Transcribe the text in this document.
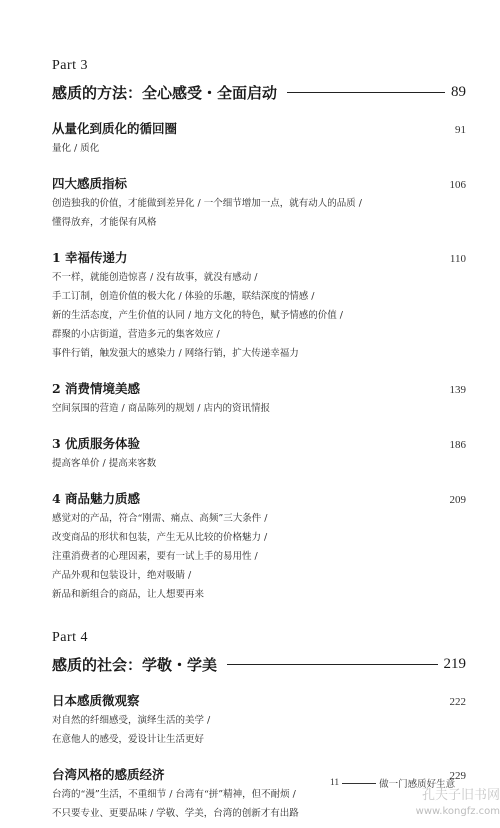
Part 3
感质的方法：全心感受・全面启动	89
从量化到质化的循回圈	91
量化 / 质化
四大感质指标	106
创造独我的价值，才能做到差异化 / 一个细节增加一点，就有动人的品质 /
懂得放弃，才能保有风格
1 幸福传递力	110
不一样，就能创造惊喜 / 没有故事，就没有感动 /
手工订制，创造价值的极大化 / 体验的乐趣，联结深度的情感 /
新的生活态度，产生价值的认同 / 地方文化的特色，赋予情感的价值 /
群聚的小店街道，营造多元的集客效应 /
事件行销，触发强大的感染力 / 网络行销，扩大传递幸福力
2 消费情境美感	139
空间氛围的营造 / 商品陈列的规划 / 店内的资讯情报
3 优质服务体验	186
提高客单价 / 提高来客数
4 商品魅力质感	209
感觉对的产品，符合“刚需、痛点、高频”三大条件 /
改变商品的形状和包装，产生无从比较的价格魅力 /
注重消费者的心理因素，要有一试上手的易用性 /
产品外观和包装设计，绝对吸睛 /
新品和新组合的商品，让人想要再来
Part 4
感质的社会：学敬・学美	219
日本感质微观察	222
对自然的纤细感受，演绎生活的美学 /
在意他人的感受，爱设计让生活更好
台湾风格的感质经济	229
台湾的“漫”生活，不重细节 / 台湾有“拼”精神，但不耐烦 /
不只要专业、更要品味 / 学敬、学美，台湾的创新才有出路
11	做一门感质好生意
孔夫子旧书网
www.kongfz.com
